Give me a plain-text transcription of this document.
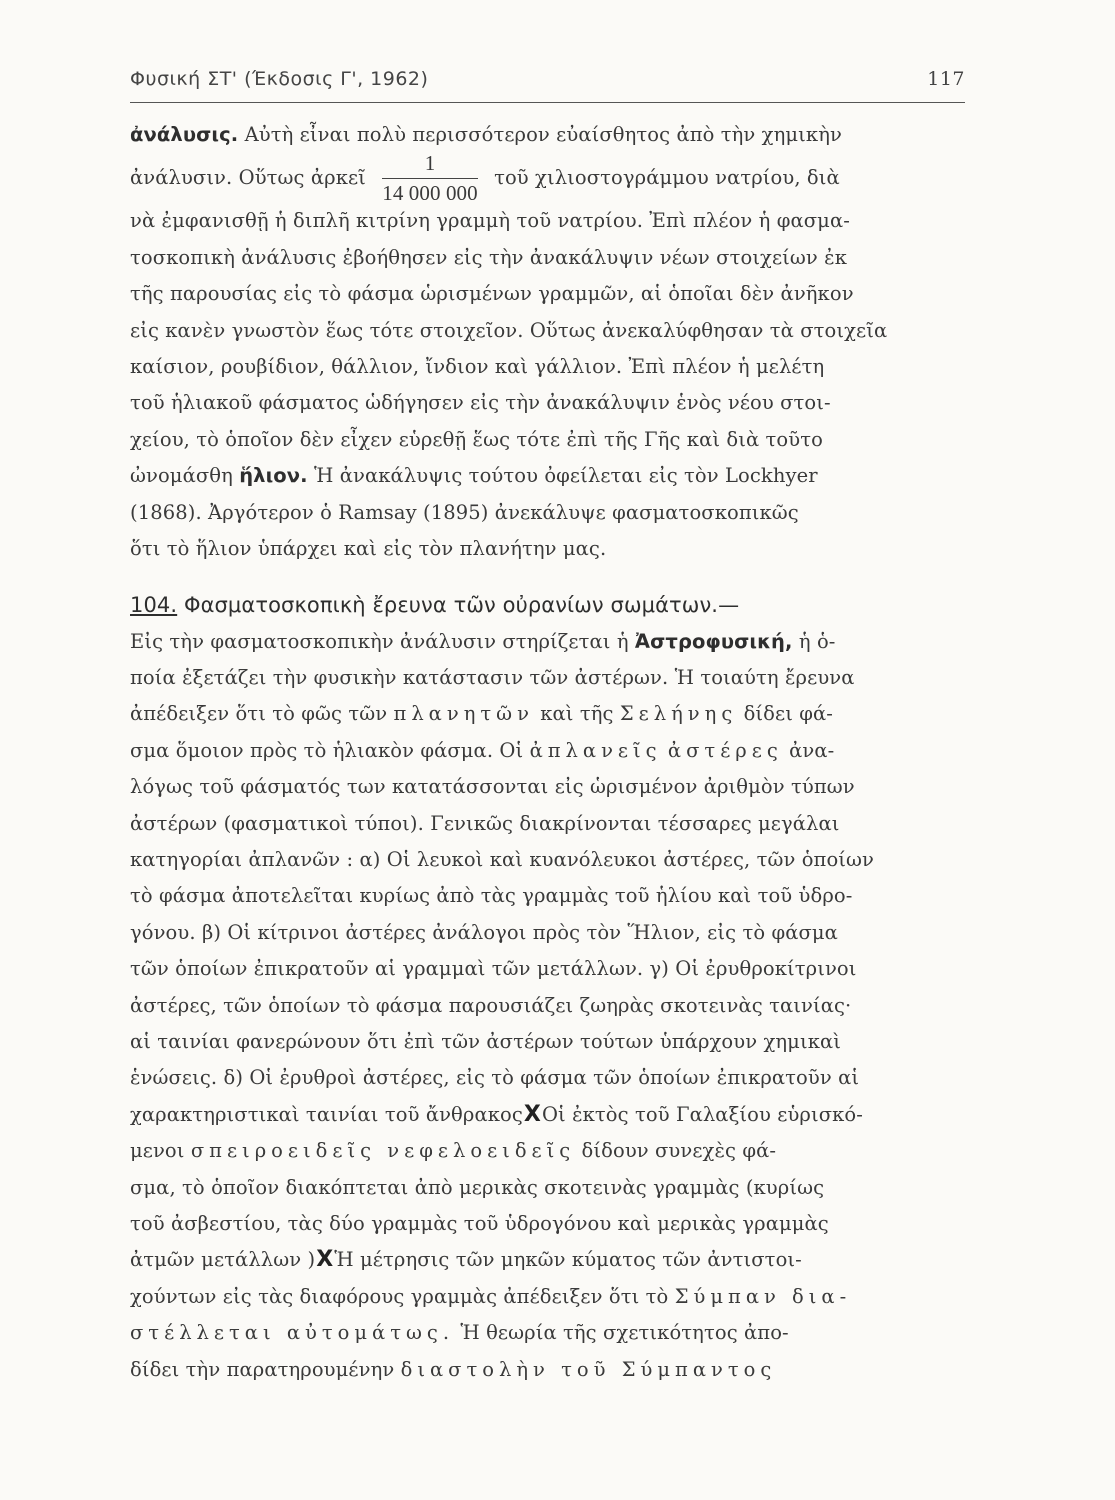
Φυσική ΣΤ' (Έκδοσις Γ', 1962)	117
ἀνάλυσις. Αὐτὴ εἶναι πολὺ περισσότερον εὐαίσθητος ἀπὸ τὴν χημικὴν
ἀνάλυσιν. Οὕτως ἀρκεῖ $\frac{1}{14 000 000}$ τοῦ χιλιοστογράμμου νατρίου, διὰ
νὰ ἐμφανισθῇ ἡ διπλῆ κιτρίνη γραμμὴ τοῦ νατρίου. Ἐπὶ πλέον ἡ φασμα-
τοσκοπικὴ ἀνάλυσις ἐβοήθησεν εἰς τὴν ἀνακάλυψιν νέων στοιχείων ἐκ
τῆς παρουσίας εἰς τὸ φάσμα ὡρισμένων γραμμῶν, αἱ ὁποῖαι δὲν ἀνῆκον
εἰς κανὲν γνωστὸν ἕως τότε στοιχεῖον. Οὕτως ἀνεκαλύφθησαν τὰ στοιχεῖα
καίσιον, ρουβίδιον, θάλλιον, ἴνδιον καὶ γάλλιον. Ἐπὶ πλέον ἡ μελέτη
τοῦ ἡλιακοῦ φάσματος ὡδήγησεν εἰς τὴν ἀνακάλυψιν ἑνὸς νέου στοι-
χείου, τὸ ὁποῖον δὲν εἶχεν εὑρεθῇ ἕως τότε ἐπὶ τῆς Γῆς καὶ διὰ τοῦτο
ὠνομάσθη ἥλιον. Ἡ ἀνακάλυψις τούτου ὀφείλεται εἰς τὸν Lockhyer
(1868). Ἀργότερον ὁ Ramsay (1895) ἀνεκάλυψε φασματοσκοπικῶς
ὅτι τὸ ἥλιον ὑπάρχει καὶ εἰς τὸν πλανήτην μας.
104. Φασματοσκοπικὴ ἔρευνα τῶν οὐρανίων σωμάτων.—
Εἰς τὴν φασματοσκοπικὴν ἀνάλυσιν στηρίζεται ἡ Ἀστροφυσική, ἡ ὁ-
ποία ἐξετάζει τὴν φυσικὴν κατάστασιν τῶν ἀστέρων. Ἡ τοιαύτη ἔρευνα
ἀπέδειξεν ὅτι τὸ φῶς τῶν πλανητῶν καὶ τῆς Σελήνης δίδει φά-
σμα ὅμοιον πρὸς τὸ ἡλιακὸν φάσμα. Οἱ ἀπλανεῖς ἀστέρες ἀνα-
λόγως τοῦ φάσματός των κατατάσσονται εἰς ὡρισμένον ἀριθμὸν τύπων
ἀστέρων (φασματικοὶ τύποι). Γενικῶς διακρίνονται τέσσαρες μεγάλαι
κατηγορίαι ἀπλανῶν : α) Οἱ λευκοὶ καὶ κυανόλευκοι ἀστέρες, τῶν ὁποίων
τὸ φάσμα ἀποτελεῖται κυρίως ἀπὸ τὰς γραμμὰς τοῦ ἡλίου καὶ τοῦ ὑδρο-
γόνου. β) Οἱ κίτρινοι ἀστέρες ἀνάλογοι πρὸς τὸν Ἥλιον, εἰς τὸ φάσμα
τῶν ὁποίων ἐπικρατοῦν αἱ γραμμαὶ τῶν μετάλλων. γ) Οἱ ἐρυθροκίτρινοι
ἀστέρες, τῶν ὁποίων τὸ φάσμα παρουσιάζει ζωηρὰς σκοτεινὰς ταινίας·
αἱ ταινίαι φανερώνουν ὅτι ἐπὶ τῶν ἀστέρων τούτων ὑπάρχουν χημικαὶ
ἑνώσεις. δ) Οἱ ἐρυθροὶ ἀστέρες, εἰς τὸ φάσμα τῶν ὁποίων ἐπικρατοῦν αἱ
χαρακτηριστικαὶ ταινίαι τοῦ ἄνθρακοςXΟἱ ἐκτὸς τοῦ Γαλαξίου εὑρισκό-
μενοι σπειροειδεῖς νεφελοειδεῖς δίδουν συνεχὲς φά-
σμα, τὸ ὁποῖον διακόπτεται ἀπὸ μερικὰς σκοτεινὰς γραμμὰς (κυρίως
τοῦ ἀσβεστίου, τὰς δύο γραμμὰς τοῦ ὑδρογόνου καὶ μερικὰς γραμμὰς
ἀτμῶν μετάλλων )XἩ μέτρησις τῶν μηκῶν κύματος τῶν ἀντιστοι-
χούντων εἰς τὰς διαφόρους γραμμὰς ἀπέδειξεν ὅτι τὸ Σύμπαν δια-
στέλλεται αὐτομάτως. Ἡ θεωρία τῆς σχετικότητος ἀπο-
δίδει τὴν παρατηρουμένην διαστολὴν τοῦ Σύμπαντος
